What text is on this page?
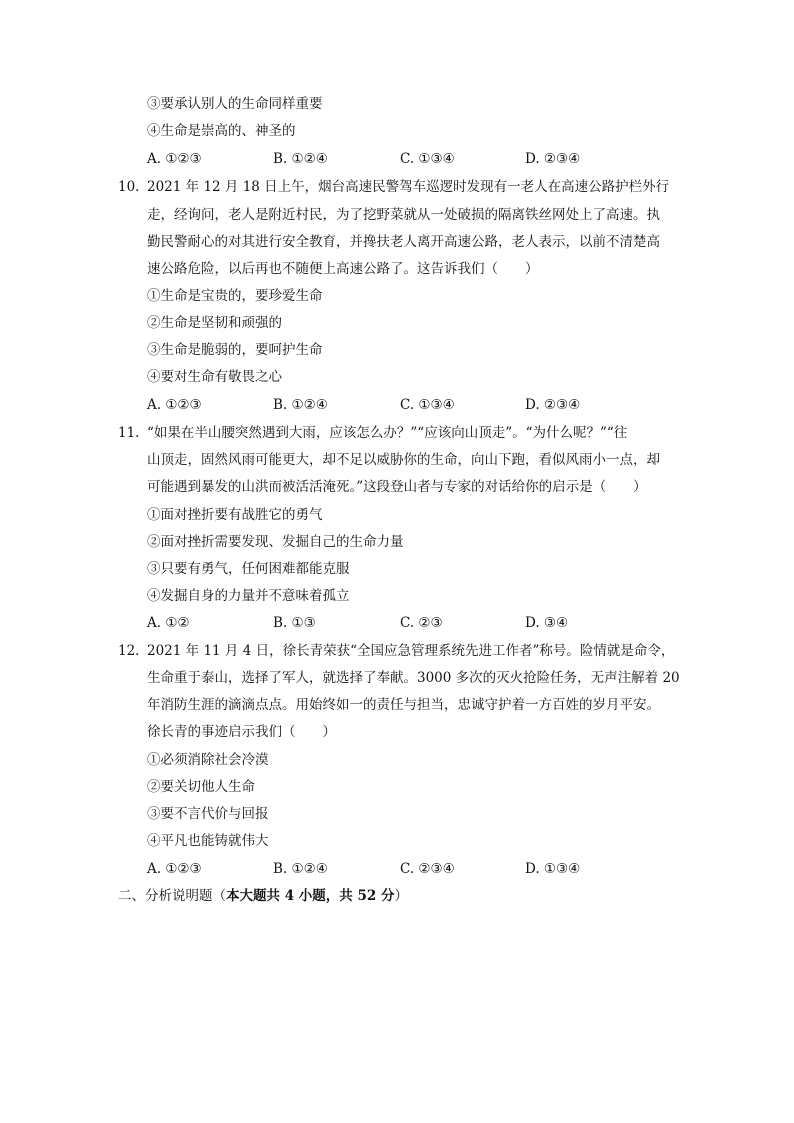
③要承认别人的生命同样重要
④生命是崇高的、神圣的
A. ①②③	B. ①②④	C. ①③④	D. ②③④
10. 2021 年 12 月 18 日上午，烟台高速民警驾车巡逻时发现有一老人在高速公路护栏外行
走，经询问，老人是附近村民，为了挖野菜就从一处破损的隔离铁丝网处上了高速。执
勤民警耐心的对其进行安全教育，并搀扶老人离开高速公路，老人表示，以前不清楚高
速公路危险，以后再也不随便上高速公路了。这告诉我们（　　）
①生命是宝贵的，要珍爱生命
②生命是坚韧和顽强的
③生命是脆弱的，要呵护生命
④要对生命有敬畏之心
A. ①②③	B. ①②④	C. ①③④	D. ②③④
11. “如果在半山腰突然遇到大雨，应该怎么办？”“应该向山顶走”。“为什么呢？”“往
山顶走，固然风雨可能更大，却不足以威胁你的生命，向山下跑，看似风雨小一点，却
可能遇到暴发的山洪而被活活淹死。”这段登山者与专家的对话给你的启示是（　　）
①面对挫折要有战胜它的勇气
②面对挫折需要发现、发掘自己的生命力量
③只要有勇气，任何困难都能克服
④发掘自身的力量并不意味着孤立
A. ①②	B. ①③	C. ②③	D. ③④
12. 2021 年 11 月 4 日，徐长青荣获“全国应急管理系统先进工作者”称号。险情就是命令，
生命重于泰山，选择了军人，就选择了奉献。3000 多次的灭火抢险任务，无声注解着 20
年消防生涯的滴滴点点。用始终如一的责任与担当，忠诚守护着一方百姓的岁月平安。
徐长青的事迹启示我们（　　）
①必须消除社会冷漠
②要关切他人生命
③要不言代价与回报
④平凡也能铸就伟大
A. ①②③	B. ①②④	C. ②③④	D. ①③④
二、分析说明题（本大题共 4 小题，共 52 分）
